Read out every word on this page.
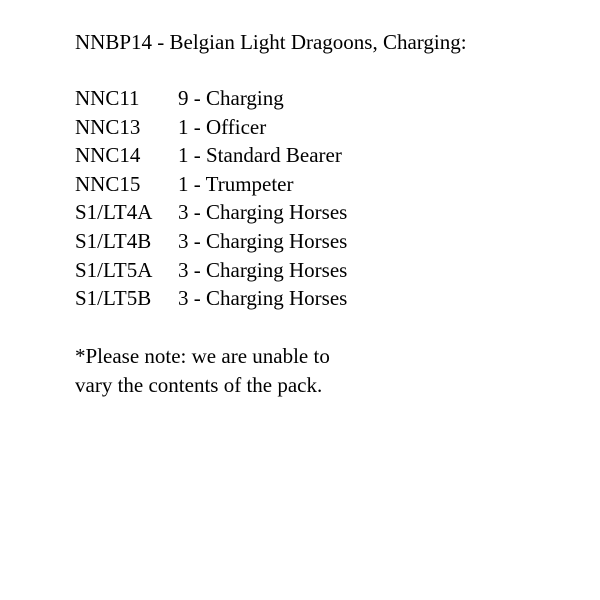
NNBP14 - Belgian Light Dragoons, Charging:
NNC11	9 - Charging
NNC13	1 - Officer
NNC14	1 - Standard Bearer
NNC15	1 - Trumpeter
S1/LT4A	3 - Charging Horses
S1/LT4B	3 - Charging Horses
S1/LT5A	3 - Charging Horses
S1/LT5B	3 - Charging Horses
*Please note: we are unable to
vary the contents of the pack.
